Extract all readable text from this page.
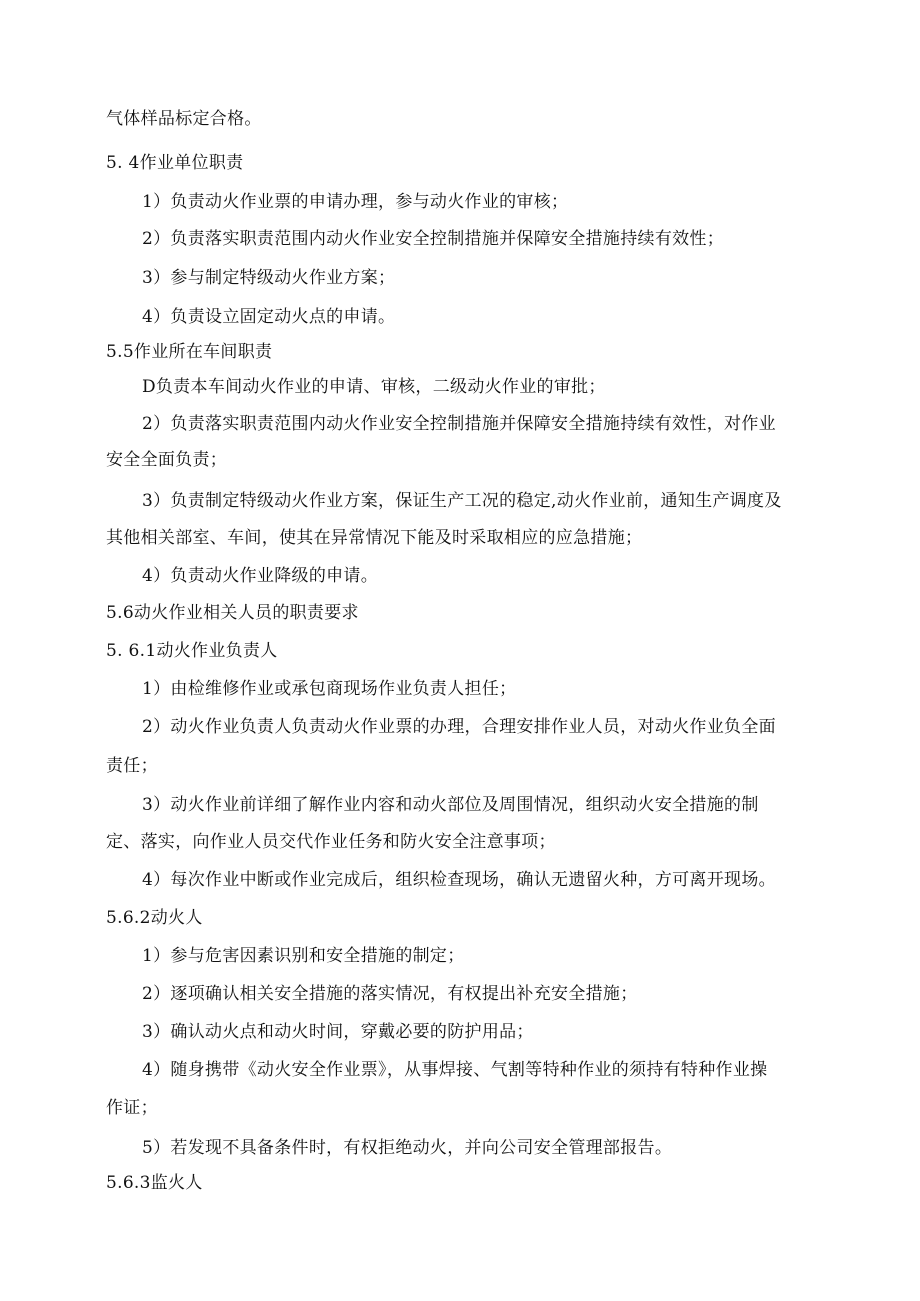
气体样品标定合格。
5. 4作业单位职责
1）负责动火作业票的申请办理，参与动火作业的审核；
2）负责落实职责范围内动火作业安全控制措施并保障安全措施持续有效性；
3）参与制定特级动火作业方案；
4）负责设立固定动火点的申请。
5.5作业所在车间职责
D负责本车间动火作业的申请、审核，二级动火作业的审批；
2）负责落实职责范围内动火作业安全控制措施并保障安全措施持续有效性，对作业
安全全面负责；
3）负责制定特级动火作业方案，保证生产工况的稳定,动火作业前，通知生产调度及
其他相关部室、车间，使其在异常情况下能及时采取相应的应急措施；
4）负责动火作业降级的申请。
5.6动火作业相关人员的职责要求
5. 6.1动火作业负责人
1）由检维修作业或承包商现场作业负责人担任；
2）动火作业负责人负责动火作业票的办理，合理安排作业人员，对动火作业负全面
责任；
3）动火作业前详细了解作业内容和动火部位及周围情况，组织动火安全措施的制
定、落实，向作业人员交代作业任务和防火安全注意事项；
4）每次作业中断或作业完成后，组织检查现场，确认无遗留火种，方可离开现场。
5.6.2动火人
1）参与危害因素识别和安全措施的制定；
2）逐项确认相关安全措施的落实情况，有权提出补充安全措施；
3）确认动火点和动火时间，穿戴必要的防护用品；
4）随身携带《动火安全作业票》，从事焊接、气割等特种作业的须持有特种作业操
作证；
5）若发现不具备条件时，有权拒绝动火，并向公司安全管理部报告。
5.6.3监火人
